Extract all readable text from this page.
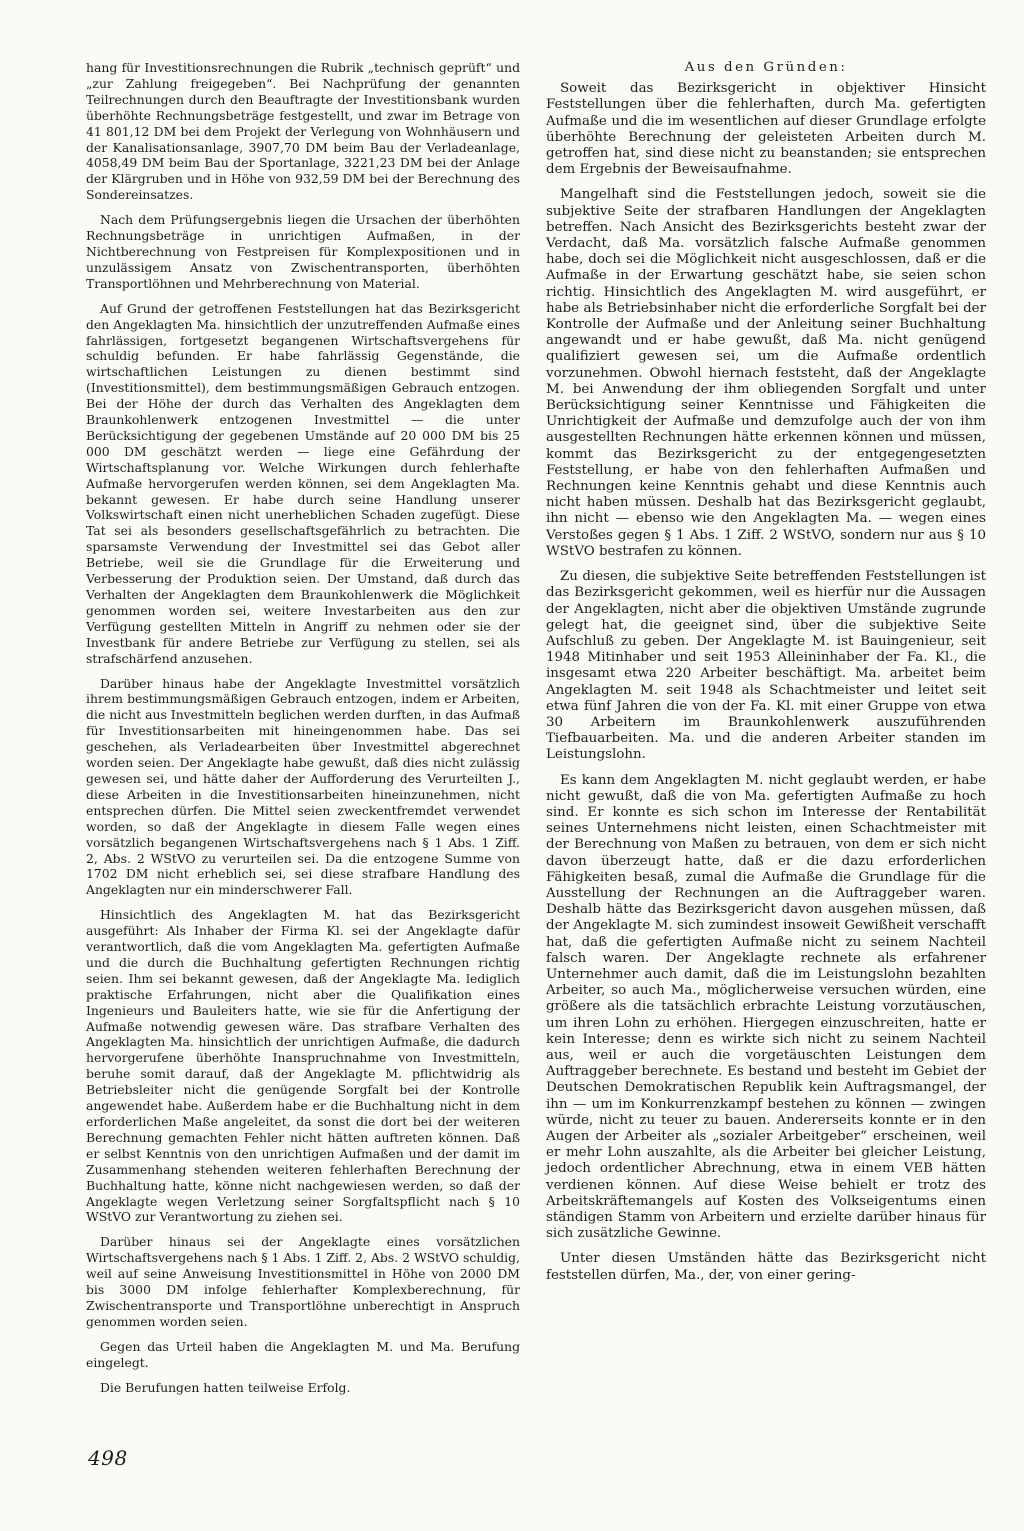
hang für Investitionsrechnungen die Rubrik „technisch geprüft“ und „zur Zahlung freigegeben“. Bei Nachprüfung der genannten Teilrechnungen durch den Beauftragte der Investitionsbank wurden überhöhte Rechnungsbeträge festgestellt, und zwar im Betrage von 41 801,12 DM bei dem Projekt der Verlegung von Wohnhäusern und der Kanalisationsanlage, 3907,70 DM beim Bau der Verladeanlage, 4058,49 DM beim Bau der Sportanlage, 3221,23 DM bei der Anlage der Klärgruben und in Höhe von 932,59 DM bei der Berechnung des Sondereinsatzes.

Nach dem Prüfungsergebnis liegen die Ursachen der überhöhten Rechnungsbeträge in unrichtigen Aufmaßen, in der Nichtberechnung von Festpreisen für Komplexpositionen und in unzulässigem Ansatz von Zwischentransporten, überhöhten Transportlöhnen und Mehrberechnung von Material.

Auf Grund der getroffenen Feststellungen hat das Bezirksgericht den Angeklagten Ma. hinsichtlich der unzutreffenden Aufmaße eines fahrlässigen, fortgesetzt begangenen Wirtschaftsvergehens für schuldig befunden. Er habe fahrlässig Gegenstände, die wirtschaftlichen Leistungen zu dienen bestimmt sind (Investitionsmittel), dem bestimmungsmäßigen Gebrauch entzogen. Bei der Höhe der durch das Verhalten des Angeklagten dem Braunkohlenwerk entzogenen Investmittel — die unter Berücksichtigung der gegebenen Umstände auf 20 000 DM bis 25 000 DM geschätzt werden — liege eine Gefährdung der Wirtschaftsplanung vor. Welche Wirkungen durch fehlerhafte Aufmaße hervorgerufen werden können, sei dem Angeklagten Ma. bekannt gewesen. Er habe durch seine Handlung unserer Volkswirtschaft einen nicht unerheblichen Schaden zugefügt. Diese Tat sei als besonders gesellschaftsgefährlich zu betrachten. Die sparsamste Verwendung der Investmittel sei das Gebot aller Betriebe, weil sie die Grundlage für die Erweiterung und Verbesserung der Produktion seien. Der Umstand, daß durch das Verhalten der Angeklagten dem Braunkohlenwerk die Möglichkeit genommen worden sei, weitere Investarbeiten aus den zur Verfügung gestellten Mitteln in Angriff zu nehmen oder sie der Investbank für andere Betriebe zur Verfügung zu stellen, sei als strafschärfend anzusehen.

Darüber hinaus habe der Angeklagte Investmittel vorsätzlich ihrem bestimmungsmäßigen Gebrauch entzogen, indem er Arbeiten, die nicht aus Investmitteln beglichen werden durften, in das Aufmaß für Investitionsarbeiten mit hineingenommen habe. Das sei geschehen, als Verladearbeiten über Investmittel abgerechnet worden seien. Der Angeklagte habe gewußt, daß dies nicht zulässig gewesen sei, und hätte daher der Aufforderung des Verurteilten J., diese Arbeiten in die Investitionsarbeiten hineinzunehmen, nicht entsprechen dürfen. Die Mittel seien zweckentfremdet verwendet worden, so daß der Angeklagte in diesem Falle wegen eines vorsätzlich begangenen Wirtschaftsvergehens nach § 1 Abs. 1 Ziff. 2, Abs. 2 WStVO zu verurteilen sei. Da die entzogene Summe von 1702 DM nicht erheblich sei, sei diese strafbare Handlung des Angeklagten nur ein minderschwerer Fall.

Hinsichtlich des Angeklagten M. hat das Bezirksgericht ausgeführt: Als Inhaber der Firma Kl. sei der Angeklagte dafür verantwortlich, daß die vom Angeklagten Ma. gefertigten Aufmaße und die durch die Buchhaltung gefertigten Rechnungen richtig seien. Ihm sei bekannt gewesen, daß der Angeklagte Ma. lediglich praktische Erfahrungen, nicht aber die Qualifikation eines Ingenieurs und Bauleiters hatte, wie sie für die Anfertigung der Aufmaße notwendig gewesen wäre. Das strafbare Verhalten des Angeklagten Ma. hinsichtlich der unrichtigen Aufmaße, die dadurch hervorgerufene überhöhte Inanspruchnahme von Investmitteln, beruhe somit darauf, daß der Angeklagte M. pflichtwidrig als Betriebsleiter nicht die genügende Sorgfalt bei der Kontrolle angewendet habe. Außerdem habe er die Buchhaltung nicht in dem erforderlichen Maße angeleitet, da sonst die dort bei der weiteren Berechnung gemachten Fehler nicht hätten auftreten können. Daß er selbst Kenntnis von den unrichtigen Aufmaßen und der damit im Zusammenhang stehenden weiteren fehlerhaften Berechnung der Buchhaltung hatte, könne nicht nachgewiesen werden, so daß der Angeklagte wegen Verletzung seiner Sorgfaltspflicht nach § 10 WStVO zur Verantwortung zu ziehen sei.

Darüber hinaus sei der Angeklagte eines vorsätzlichen Wirtschaftsvergehens nach § 1 Abs. 1 Ziff. 2, Abs. 2 WStVO schuldig, weil auf seine Anweisung Investitionsmittel in Höhe von 2000 DM bis 3000 DM infolge fehlerhafter Komplexberechnung, für Zwischentransporte und Transportlöhne unberechtigt in Anspruch genommen worden seien.

Gegen das Urteil haben die Angeklagten M. und Ma. Berufung eingelegt.

Die Berufungen hatten teilweise Erfolg.

Aus den Gründen:

Soweit das Bezirksgericht in objektiver Hinsicht Feststellungen über die fehlerhaften, durch Ma. gefertigten Aufmaße und die im wesentlichen auf dieser Grundlage erfolgte überhöhte Berechnung der geleisteten Arbeiten durch M. getroffen hat, sind diese nicht zu beanstanden; sie entsprechen dem Ergebnis der Beweisaufnahme.

Mangelhaft sind die Feststellungen jedoch, soweit sie die subjektive Seite der strafbaren Handlungen der Angeklagten betreffen. Nach Ansicht des Bezirksgerichts besteht zwar der Verdacht, daß Ma. vorsätzlich falsche Aufmaße genommen habe, doch sei die Möglichkeit nicht ausgeschlossen, daß er die Aufmaße in der Erwartung geschätzt habe, sie seien schon richtig. Hinsichtlich des Angeklagten M. wird ausgeführt, er habe als Betriebsinhaber nicht die erforderliche Sorgfalt bei der Kontrolle der Aufmaße und der Anleitung seiner Buchhaltung angewandt und er habe gewußt, daß Ma. nicht genügend qualifiziert gewesen sei, um die Aufmaße ordentlich vorzunehmen. Obwohl hiernach feststeht, daß der Angeklagte M. bei Anwendung der ihm obliegenden Sorgfalt und unter Berücksichtigung seiner Kenntnisse und Fähigkeiten die Unrichtigkeit der Aufmaße und demzufolge auch der von ihm ausgestellten Rechnungen hätte erkennen können und müssen, kommt das Bezirksgericht zu der entgegengesetzten Feststellung, er habe von den fehlerhaften Aufmaßen und Rechnungen keine Kenntnis gehabt und diese Kenntnis auch nicht haben müssen. Deshalb hat das Bezirksgericht geglaubt, ihn nicht — ebenso wie den Angeklagten Ma. — wegen eines Verstoßes gegen § 1 Abs. 1 Ziff. 2 WStVO, sondern nur aus § 10 WStVO bestrafen zu können.

Zu diesen, die subjektive Seite betreffenden Feststellungen ist das Bezirksgericht gekommen, weil es hierfür nur die Aussagen der Angeklagten, nicht aber die objektiven Umstände zugrunde gelegt hat, die geeignet sind, über die subjektive Seite Aufschluß zu geben. Der Angeklagte M. ist Bauingenieur, seit 1948 Mitinhaber und seit 1953 Alleininhaber der Fa. Kl., die insgesamt etwa 220 Arbeiter beschäftigt. Ma. arbeitet beim Angeklagten M. seit 1948 als Schachtmeister und leitet seit etwa fünf Jahren die von der Fa. Kl. mit einer Gruppe von etwa 30 Arbeitern im Braunkohlenwerk auszuführenden Tiefbauarbeiten. Ma. und die anderen Arbeiter standen im Leistungslohn.

Es kann dem Angeklagten M. nicht geglaubt werden, er habe nicht gewußt, daß die von Ma. gefertigten Aufmaße zu hoch sind. Er konnte es sich schon im Interesse der Rentabilität seines Unternehmens nicht leisten, einen Schachtmeister mit der Berechnung von Maßen zu betrauen, von dem er sich nicht davon überzeugt hatte, daß er die dazu erforderlichen Fähigkeiten besaß, zumal die Aufmaße die Grundlage für die Ausstellung der Rechnungen an die Auftraggeber waren. Deshalb hätte das Bezirksgericht davon ausgehen müssen, daß der Angeklagte M. sich zumindest insoweit Gewißheit verschafft hat, daß die gefertigten Aufmaße nicht zu seinem Nachteil falsch waren. Der Angeklagte rechnete als erfahrener Unternehmer auch damit, daß die im Leistungslohn bezahlten Arbeiter, so auch Ma., möglicherweise versuchen würden, eine größere als die tatsächlich erbrachte Leistung vorzutäuschen, um ihren Lohn zu erhöhen. Hiergegen einzuschreiten, hatte er kein Interesse; denn es wirkte sich nicht zu seinem Nachteil aus, weil er auch die vorgetäuschten Leistungen dem Auftraggeber berechnete. Es bestand und besteht im Gebiet der Deutschen Demokratischen Republik kein Auftragsmangel, der ihn — um im Konkurrenzkampf bestehen zu können — zwingen würde, nicht zu teuer zu bauen. Andererseits konnte er in den Augen der Arbeiter als „sozialer Arbeitgeber“ erscheinen, weil er mehr Lohn auszahlte, als die Arbeiter bei gleicher Leistung, jedoch ordentlicher Abrechnung, etwa in einem VEB hätten verdienen können. Auf diese Weise behielt er trotz des Arbeitskräftemangels auf Kosten des Volkseigentums einen ständigen Stamm von Arbeitern und erzielte darüber hinaus für sich zusätzliche Gewinne.

Unter diesen Umständen hätte das Bezirksgericht nicht feststellen dürfen, Ma., der, von einer gering-

498
